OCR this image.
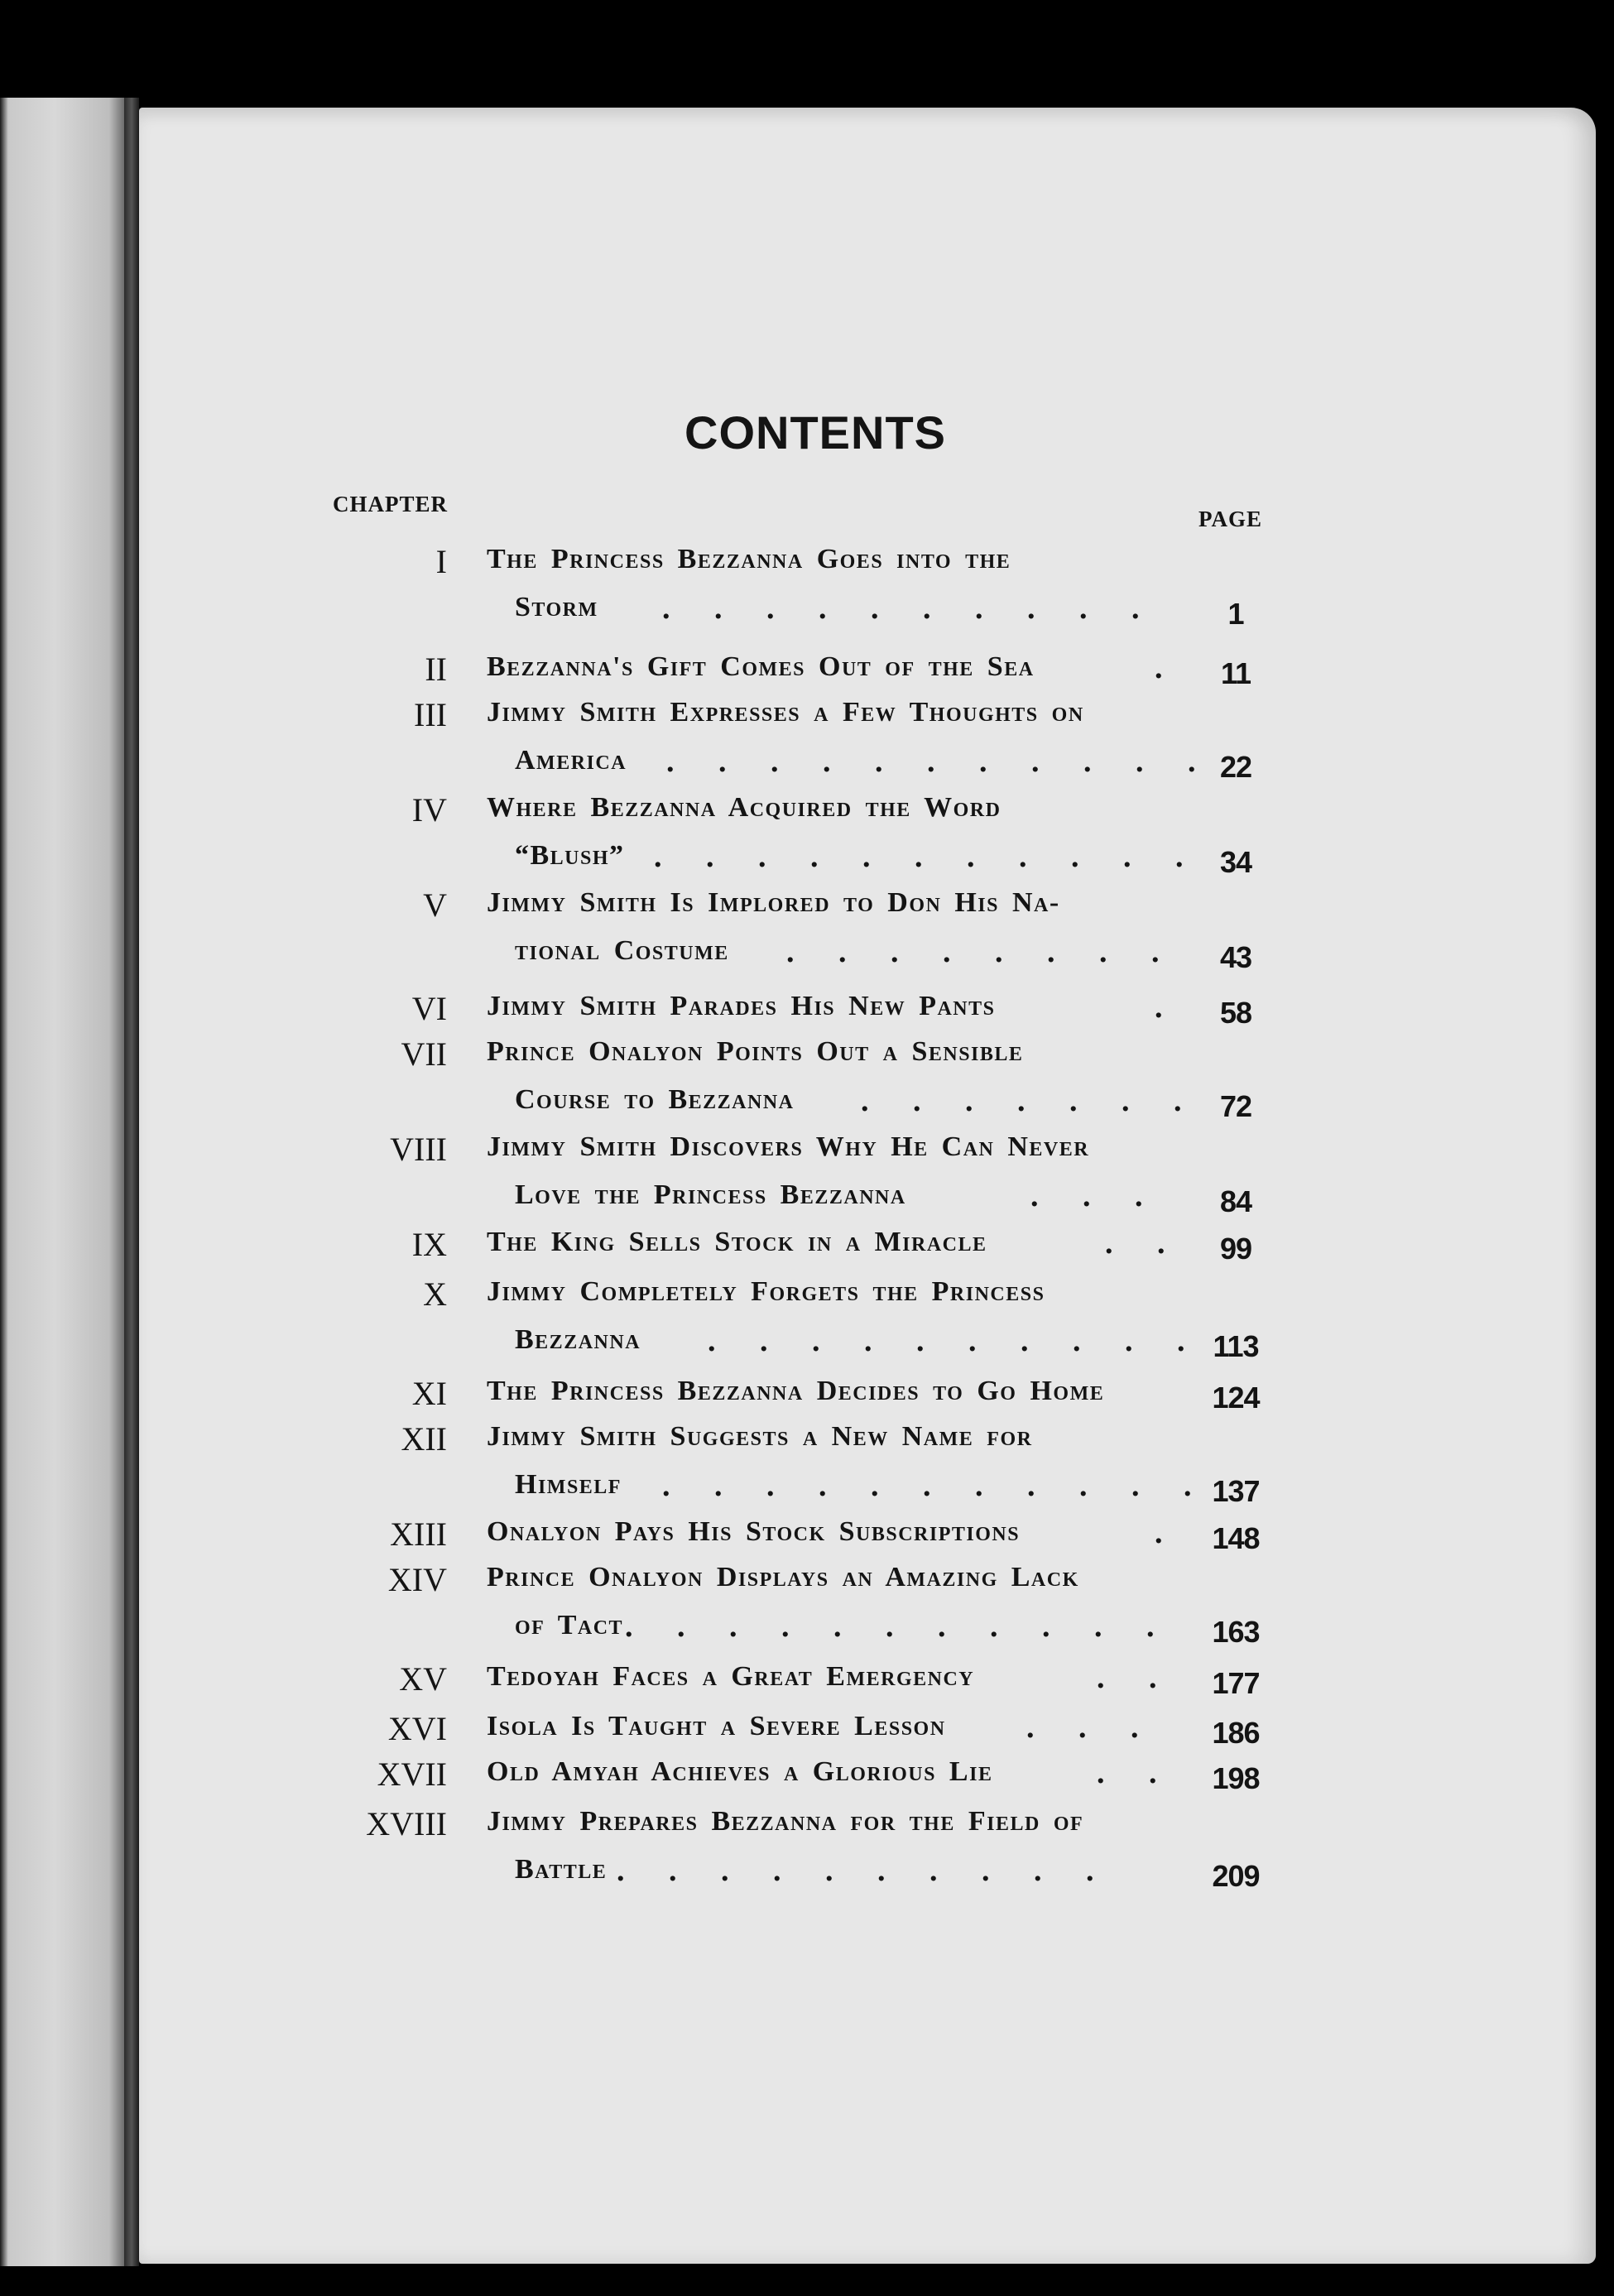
CONTENTS
CHAPTER
PAGE
I The Princess Bezzanna Goes into the
Storm . . . . . . . . . .	1
II Bezzanna's Gift Comes Out of the Sea	.	11
III Jimmy Smith Expresses a Few Thoughts on
America . . . . . . . . . . . 22
IV Where Bezzanna Acquired the Word
“Blush” . . . . . . . . . . . 34
V Jimmy Smith Is Implored to Don His Na-
tional Costume . . . . . . . .	43
VI Jimmy Smith Parades His New Pants	.	58
VII Prince Onalyon Points Out a Sensible
Course to Bezzanna . . . . . . . 72
VIII Jimmy Smith Discovers Why He Can Never
Love the Princess Bezzanna	. . .	84
IX The King Sells Stock in a Miracle	. .	99
X Jimmy Completely Forgets the Princess
Bezzanna . . . . . . . . . . 113
XI The Princess Bezzanna Decides to Go Home	124
XII Jimmy Smith Suggests a New Name for
Himself . . . . . . . . . . . 137
XIII Onalyon Pays His Stock Subscriptions	. 148
XIV Prince Onalyon Displays an Amazing Lack
of Tact . . . . . . . . . . . 163
XV Tedoyah Faces a Great Emergency	. . 177
XVI Isola Is Taught a Severe Lesson	. . . 186
XVII Old Amyah Achieves a Glorious Lie	. . 198
XVIII Jimmy Prepares Bezzanna for the Field of
Battle . . . . . . . . . .	209
